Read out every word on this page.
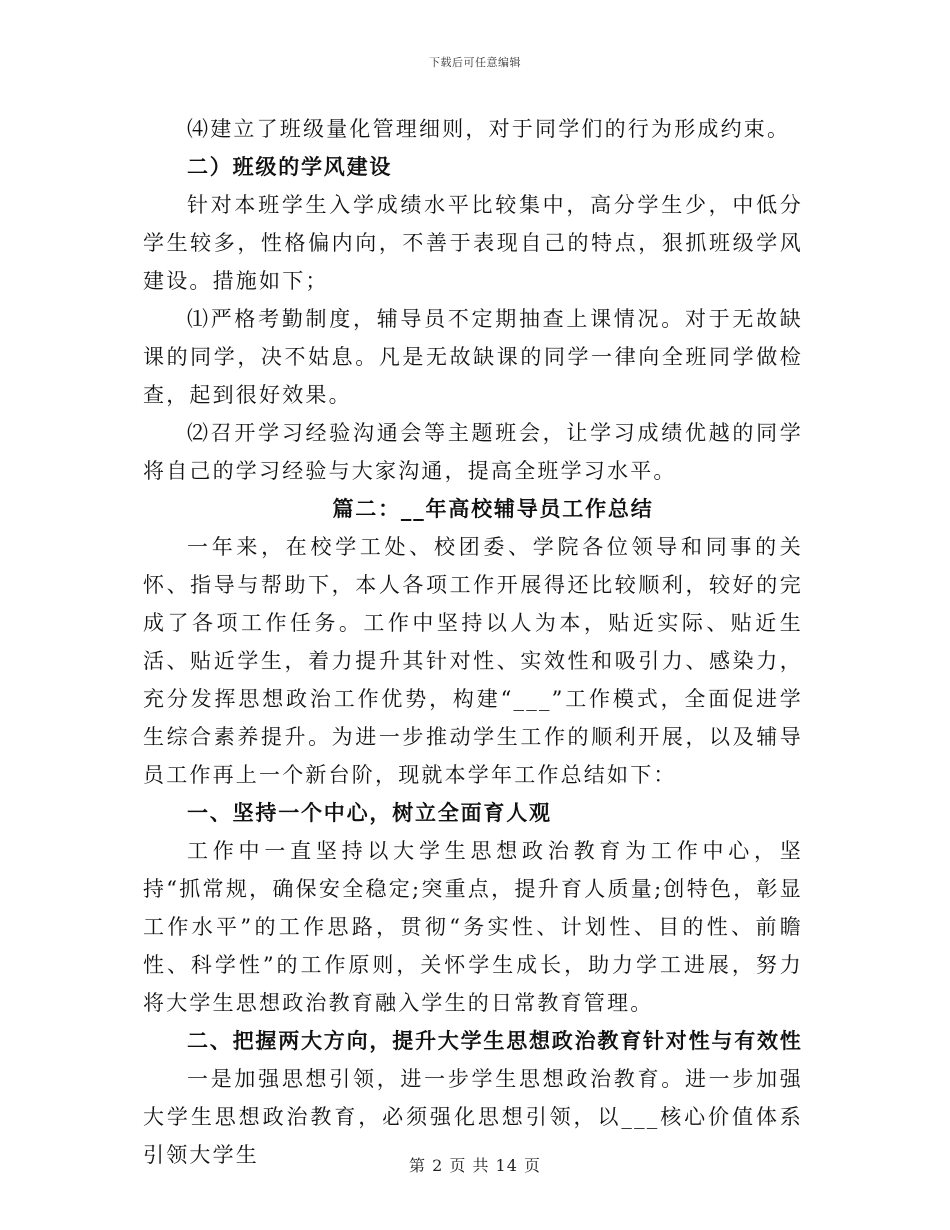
下载后可任意编辑

⑷建立了班级量化管理细则，对于同学们的行为形成约束。

二）班级的学风建设

针对本班学生入学成绩水平比较集中，高分学生少，中低分学生较多，性格偏内向，不善于表现自己的特点，狠抓班级学风建设。措施如下；

⑴严格考勤制度，辅导员不定期抽查上课情况。对于无故缺课的同学，决不姑息。凡是无故缺课的同学一律向全班同学做检查，起到很好效果。

⑵召开学习经验沟通会等主题班会，让学习成绩优越的同学将自己的学习经验与大家沟通，提高全班学习水平。

篇二：__年高校辅导员工作总结

一年来，在校学工处、校团委、学院各位领导和同事的关怀、指导与帮助下，本人各项工作开展得还比较顺利，较好的完成了各项工作任务。工作中坚持以人为本，贴近实际、贴近生活、贴近学生，着力提升其针对性、实效性和吸引力、感染力，充分发挥思想政治工作优势，构建“___”工作模式，全面促进学生综合素养提升。为进一步推动学生工作的顺利开展，以及辅导员工作再上一个新台阶，现就本学年工作总结如下：

一、坚持一个中心，树立全面育人观

工作中一直坚持以大学生思想政治教育为工作中心，坚持“抓常规，确保安全稳定;突重点，提升育人质量;创特色，彰显工作水平”的工作思路，贯彻“务实性、计划性、目的性、前瞻性、科学性”的工作原则，关怀学生成长，助力学工进展，努力将大学生思想政治教育融入学生的日常教育管理。

二、把握两大方向，提升大学生思想政治教育针对性与有效性

一是加强思想引领，进一步学生思想政治教育。进一步加强大学生思想政治教育，必须强化思想引领，以___核心价值体系引领大学生	第 2 页 共 14 页
